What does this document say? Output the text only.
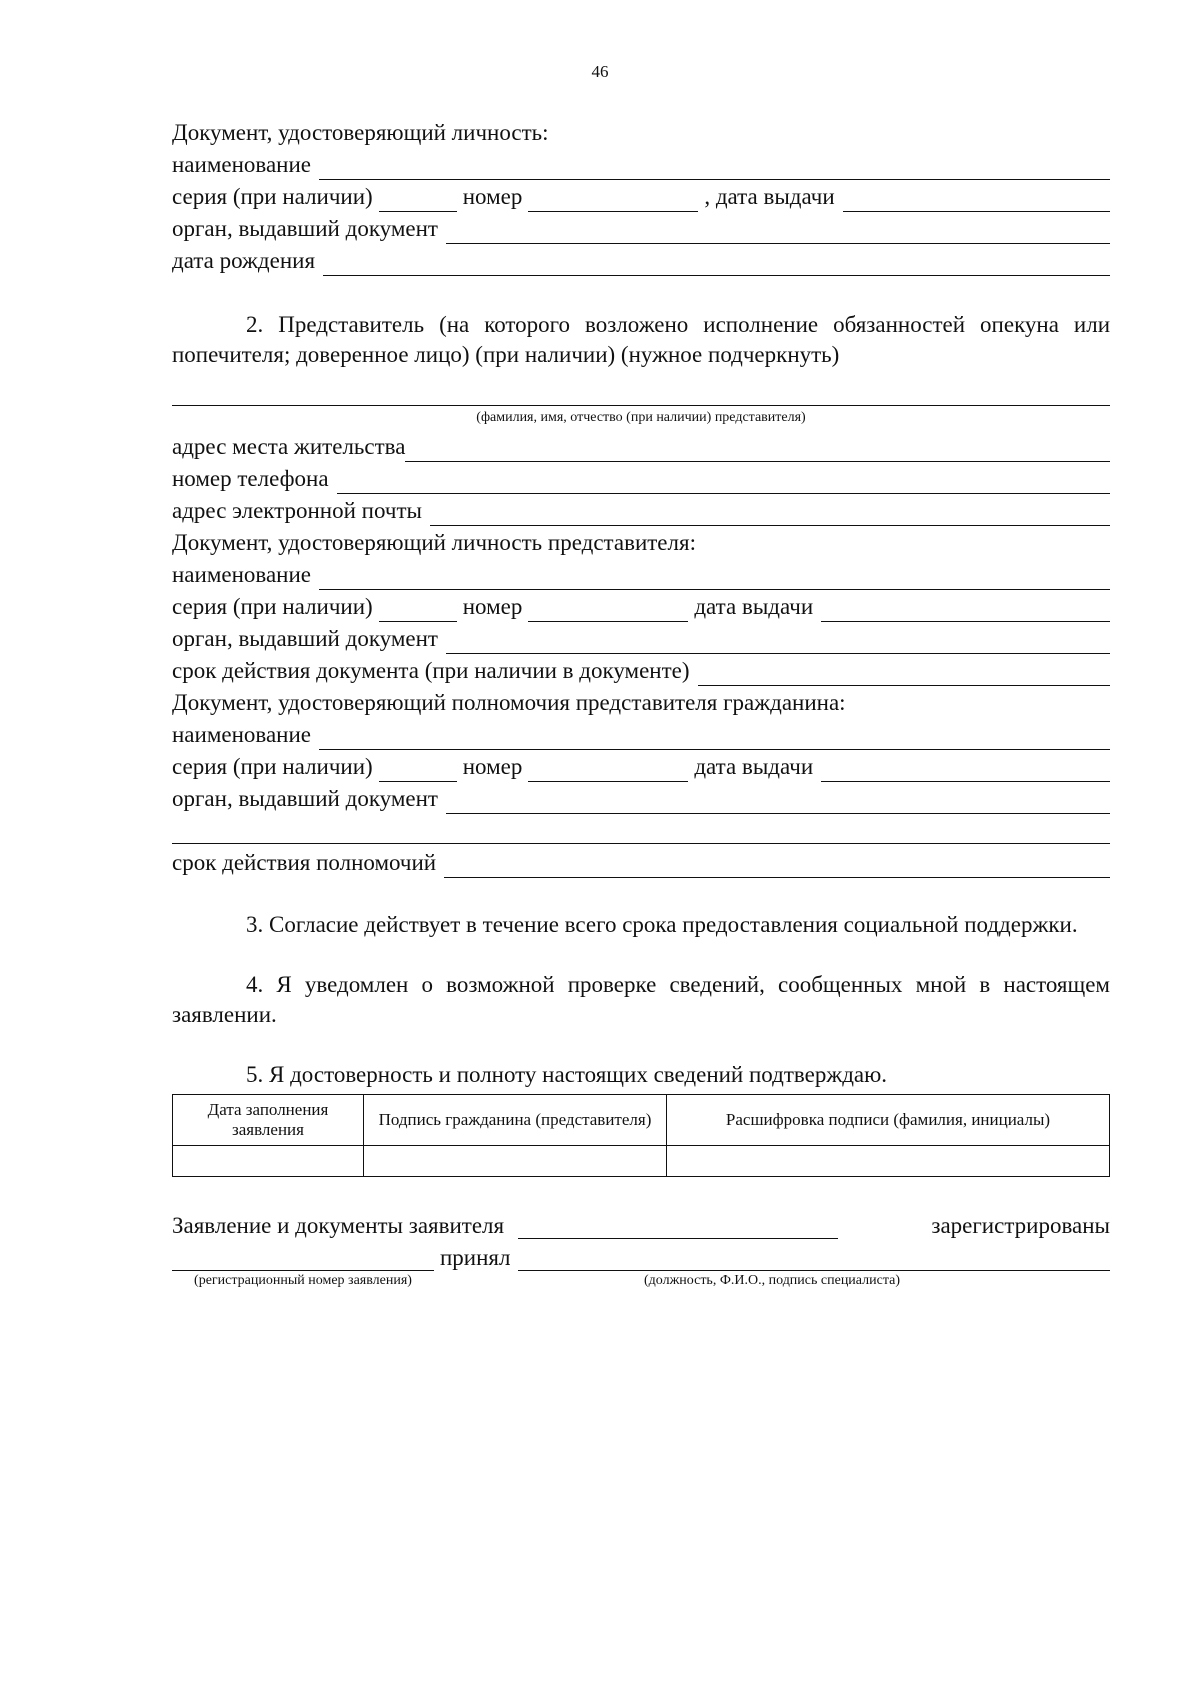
46
Документ, удостоверяющий личность:
наименование
серия (при наличии)	номер	, дата выдачи
орган, выдавший документ
дата рождения
2. Представитель (на которого возложено исполнение обязанностей опекуна или попечителя; доверенное лицо) (при наличии) (нужное подчеркнуть)
(фамилия, имя, отчество (при наличии) представителя)
адрес места жительства
номер телефона
адрес электронной почты
Документ, удостоверяющий личность представителя:
наименование
серия (при наличии)	номер	дата выдачи
орган, выдавший документ
срок действия документа (при наличии в документе)
Документ, удостоверяющий полномочия представителя гражданина:
наименование
серия (при наличии)	номер	дата выдачи
орган, выдавший документ
срок действия полномочий
3. Согласие действует в течение всего срока предоставления социальной поддержки.
4. Я уведомлен о возможной проверке сведений, сообщенных мной в настоящем заявлении.
5. Я достоверность и полноту настоящих сведений подтверждаю.
Дата заполнения заявления	Подпись гражданина (представителя)	Расшифровка подписи (фамилия, инициалы)

Заявление и документы заявителя	зарегистрированы
принял
(регистрационный номер заявления)	(должность, Ф.И.О., подпись специалиста)
